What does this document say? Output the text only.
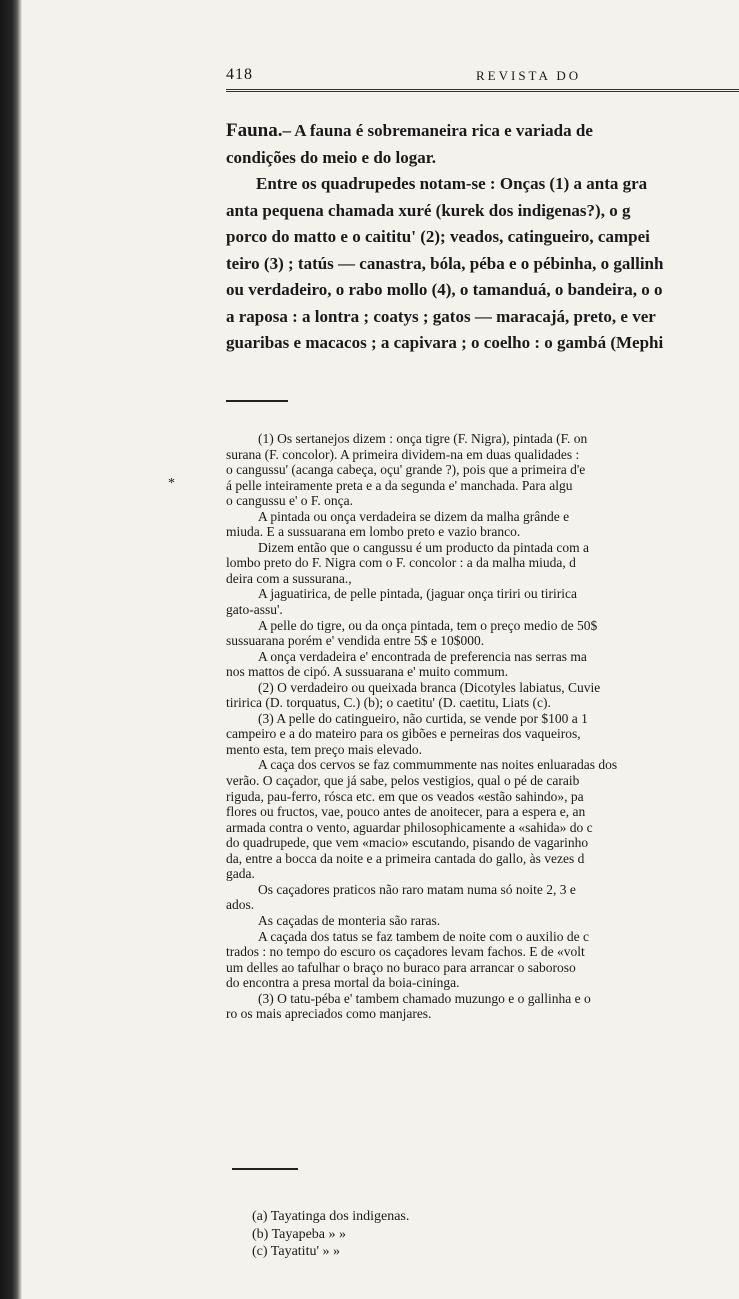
418	REVISTA DO
Fauna.– A fauna é sobremaneira rica e variada de
condições do meio e do logar.
Entre os quadrupedes notam-se : Onças (1) a anta gra
anta pequena chamada xuré (kurek dos indigenas?), o g
porco do matto e o caititu' (2); veados, catingueiro, campei
teiro (3) ; tatús — canastra, bóla, péba e o pébinha, o gallinh
ou verdadeiro, o rabo mollo (4), o tamanduá, o bandeira, o o
a raposa : a lontra ; coatys ; gatos — maracajá, preto, e ver
guaribas e macacos ; a capivara ; o coelho : o gambá (Mephi
*
(1) Os sertanejos dizem : onça tigre (F. Nigra), pintada (F. on
surana (F. concolor). A primeira dividem-na em duas qualidades :
o cangussu' (acanga cabeça, oçu' grande ?), pois que a primeira d'e
á pelle inteiramente preta e a da segunda e' manchada. Para algu
o cangussu e' o F. onça.
A pintada ou onça verdadeira se dizem da malha grânde e
miuda. E a sussuarana em lombo preto e vazio branco.
Dizem então que o cangussu é um producto da pintada com a
lombo preto do F. Nigra com o F. concolor : a da malha miuda, d
deira com a sussurana.,
A jaguatirica, de pelle pintada, (jaguar onça tiriri ou tiririca
gato-assu'.
A pelle do tigre, ou da onça pintada, tem o preço medio de 50$
sussuarana porém e' vendida entre 5$ e 10$000.
A onça verdadeira e' encontrada de preferencia nas serras ma
nos mattos de cipó. A sussuarana e' muito commum.
(2) O verdadeiro ou queixada branca (Dicotyles labiatus, Cuvie
tiririca (D. torquatus, C.) (b); o caetitu' (D. caetitu, Liats (c).
(3) A pelle do catingueiro, não curtida, se vende por $100 a 1
campeiro e a do mateiro para os gibões e perneiras dos vaqueiros,
mento esta, tem preço mais elevado.
A caça dos cervos se faz commummente nas noites enluaradas dos
verão. O caçador, que já sabe, pelos vestigios, qual o pé de caraib
riguda, pau-ferro, rósca etc. em que os veados «estão sahindo», pa
flores ou fructos, vae, pouco antes de anoitecer, para a espera e, an
armada contra o vento, aguardar philosophicamente a «sahida» do c
do quadrupede, que vem «macio» escutando, pisando de vagarinho
da, entre a bocca da noite e a primeira cantada do gallo, às vezes d
gada.
Os caçadores praticos não raro matam numa só noite 2, 3 e
ados.
As caçadas de monteria são raras.
A caçada dos tatus se faz tambem de noite com o auxilio de c
trados : no tempo do escuro os caçadores levam fachos. E de «volt
um delles ao tafulhar o braço no buraco para arrancar o saboroso
do encontra a presa mortal da boia-cininga.
(3) O tatu-péba e' tambem chamado muzungo e o gallinha e o
ro os mais apreciados como manjares.
(a) Tayatinga dos indigenas.
(b) Tayapeba » »
(c) Tayatitu' » »
